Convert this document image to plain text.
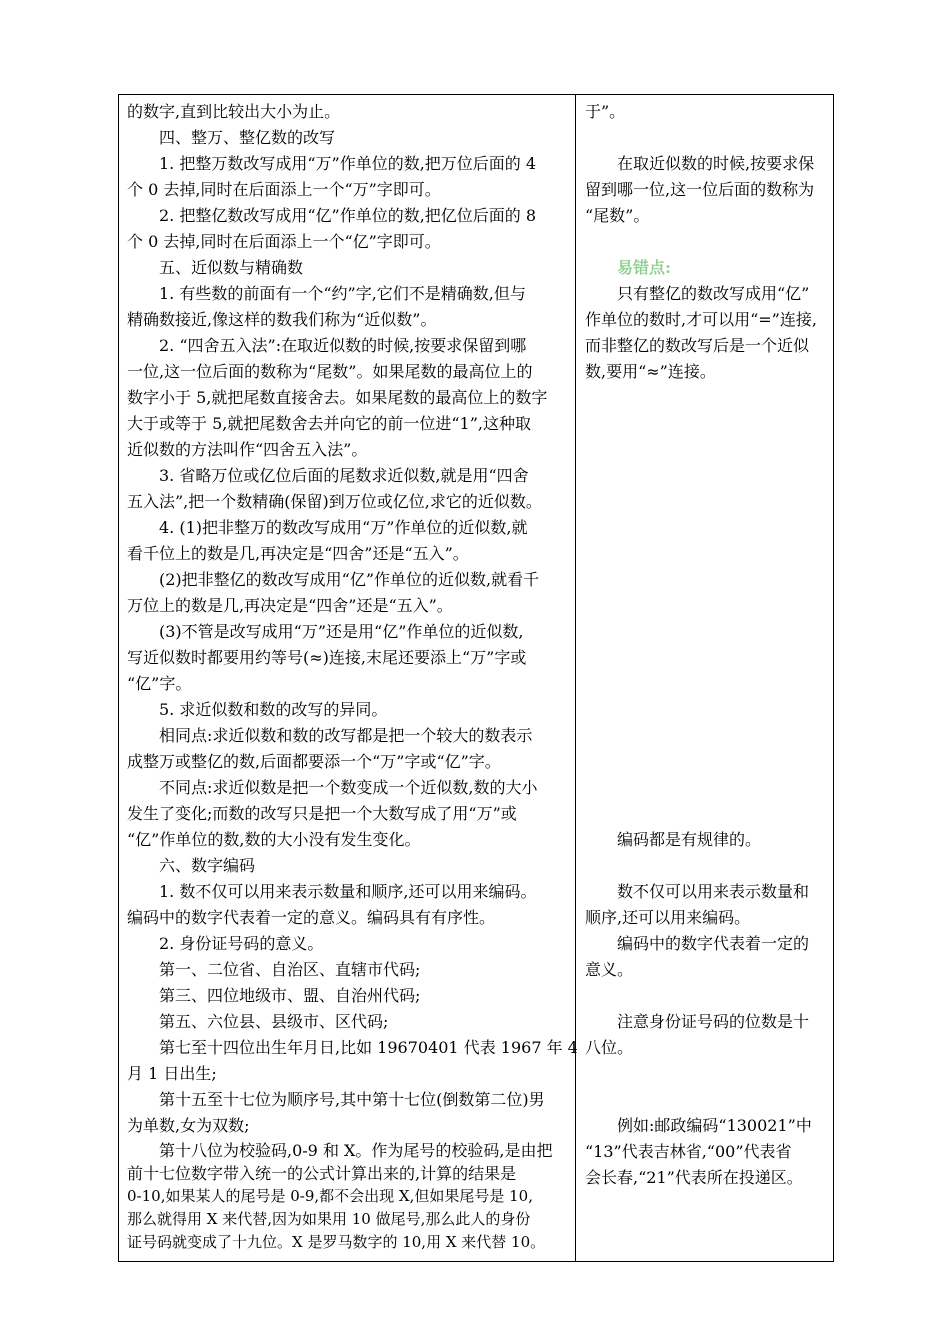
的数字,直到比较出大小为止。
四、整万、整亿数的改写
1. 把整万数改写成用“万”作单位的数,把万位后面的 4
个 0 去掉,同时在后面添上一个“万”字即可。
2. 把整亿数改写成用“亿”作单位的数,把亿位后面的 8
个 0 去掉,同时在后面添上一个“亿”字即可。
五、近似数与精确数
1. 有些数的前面有一个“约”字,它们不是精确数,但与
精确数接近,像这样的数我们称为“近似数”。
2. “四舍五入法”:在取近似数的时候,按要求保留到哪
一位,这一位后面的数称为“尾数”。如果尾数的最高位上的
数字小于 5,就把尾数直接舍去。如果尾数的最高位上的数字
大于或等于 5,就把尾数舍去并向它的前一位进“1”,这种取
近似数的方法叫作“四舍五入法”。
3. 省略万位或亿位后面的尾数求近似数,就是用“四舍
五入法”,把一个数精确(保留)到万位或亿位,求它的近似数。
4. (1)把非整万的数改写成用“万”作单位的近似数,就
看千位上的数是几,再决定是“四舍”还是“五入”。
(2)把非整亿的数改写成用“亿”作单位的近似数,就看千
万位上的数是几,再决定是“四舍”还是“五入”。
(3)不管是改写成用“万”还是用“亿”作单位的近似数,
写近似数时都要用约等号(≈)连接,末尾还要添上“万”字或
“亿”字。
5. 求近似数和数的改写的异同。
相同点:求近似数和数的改写都是把一个较大的数表示
成整万或整亿的数,后面都要添一个“万”字或“亿”字。
不同点:求近似数是把一个数变成一个近似数,数的大小
发生了变化;而数的改写只是把一个大数写成了用“万”或
“亿”作单位的数,数的大小没有发生变化。
六、数字编码
1. 数不仅可以用来表示数量和顺序,还可以用来编码。
编码中的数字代表着一定的意义。编码具有有序性。
2. 身份证号码的意义。
第一、二位省、自治区、直辖市代码;
第三、四位地级市、盟、自治州代码;
第五、六位县、县级市、区代码;
第七至十四位出生年月日,比如 19670401 代表 1967 年 4
月 1 日出生;
第十五至十七位为顺序号,其中第十七位(倒数第二位)男
为单数,女为双数;
第十八位为校验码,0-9 和 X。作为尾号的校验码,是由把
前十七位数字带入统一的公式计算出来的,计算的结果是
0-10,如果某人的尾号是 0-9,都不会出现 X,但如果尾号是 10,
那么就得用 X 来代替,因为如果用 10 做尾号,那么此人的身份
证号码就变成了十九位。X 是罗马数字的 10,用 X 来代替 10。
于”。
在取近似数的时候,按要求保
留到哪一位,这一位后面的数称为
“尾数”。
易错点:
只有整亿的数改写成用“亿”
作单位的数时,才可以用“=”连接,
而非整亿的数改写后是一个近似
数,要用“≈”连接。
编码都是有规律的。
数不仅可以用来表示数量和
顺序,还可以用来编码。
编码中的数字代表着一定的
意义。
注意身份证号码的位数是十
八位。
例如:邮政编码“130021”中
“13”代表吉林省,“00”代表省
会长春,“21”代表所在投递区。
